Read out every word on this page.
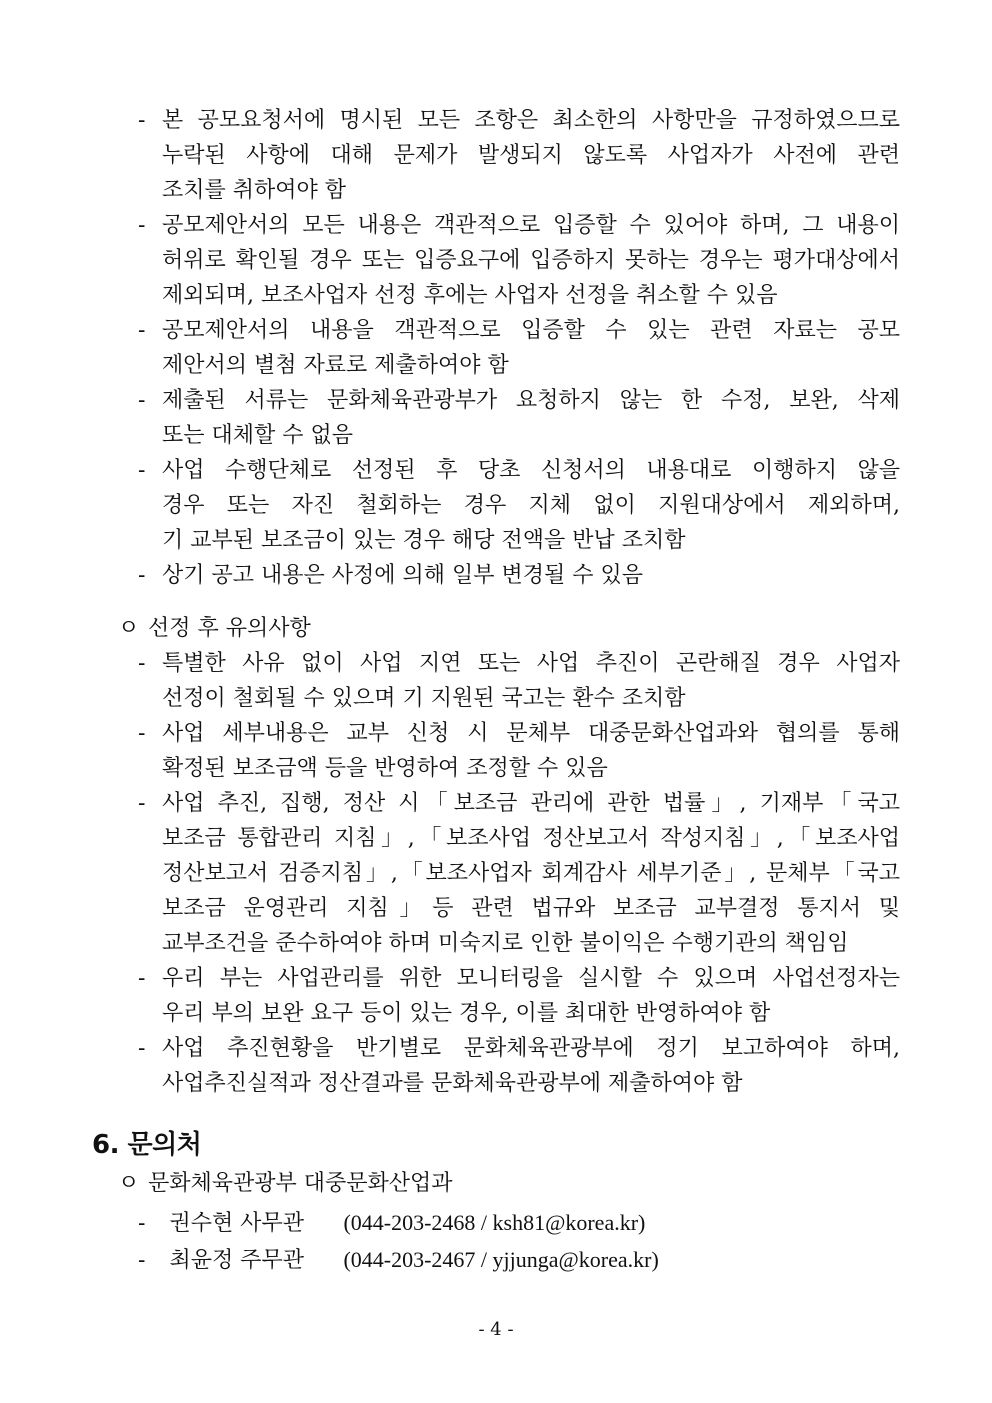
- 본 공모요청서에 명시된 모든 조항은 최소한의 사항만을 규정하였으므로
누락된 사항에 대해 문제가 발생되지 않도록 사업자가 사전에 관련
조치를 취하여야 함
- 공모제안서의 모든 내용은 객관적으로 입증할 수 있어야 하며, 그 내용이
허위로 확인될 경우 또는 입증요구에 입증하지 못하는 경우는 평가대상에서
제외되며, 보조사업자 선정 후에는 사업자 선정을 취소할 수 있음
- 공모제안서의 내용을 객관적으로 입증할 수 있는 관련 자료는 공모
제안서의 별첨 자료로 제출하여야 함
- 제출된 서류는 문화체육관광부가 요청하지 않는 한 수정, 보완, 삭제
또는 대체할 수 없음
- 사업 수행단체로 선정된 후 당초 신청서의 내용대로 이행하지 않을
경우 또는 자진 철회하는 경우 지체 없이 지원대상에서 제외하며,
기 교부된 보조금이 있는 경우 해당 전액을 반납 조치함
- 상기 공고 내용은 사정에 의해 일부 변경될 수 있음
ㅇ 선정 후 유의사항
- 특별한 사유 없이 사업 지연 또는 사업 추진이 곤란해질 경우 사업자
선정이 철회될 수 있으며 기 지원된 국고는 환수 조치함
- 사업 세부내용은 교부 신청 시 문체부 대중문화산업과와 협의를 통해
확정된 보조금액 등을 반영하여 조정할 수 있음
- 사업 추진, 집행, 정산 시「보조금 관리에 관한 법률」, 기재부「국고
보조금 통합관리 지침」,「보조사업 정산보고서 작성지침」,「보조사업
정산보고서 검증지침」,「보조사업자 회계감사 세부기준」, 문체부「국고
보조금 운영관리 지침」등 관련 법규와 보조금 교부결정 통지서 및
교부조건을 준수하여야 하며 미숙지로 인한 불이익은 수행기관의 책임임
- 우리 부는 사업관리를 위한 모니터링을 실시할 수 있으며 사업선정자는
우리 부의 보완 요구 등이 있는 경우, 이를 최대한 반영하여야 함
- 사업 추진현황을 반기별로 문화체육관광부에 정기 보고하여야 하며,
사업추진실적과 정산결과를 문화체육관광부에 제출하여야 함
6. 문의처
ㅇ 문화체육관광부 대중문화산업과
- 권수현 사무관 (044-203-2468 / ksh81@korea.kr)
- 최윤정 주무관 (044-203-2467 / yjjunga@korea.kr)
- 4 -
